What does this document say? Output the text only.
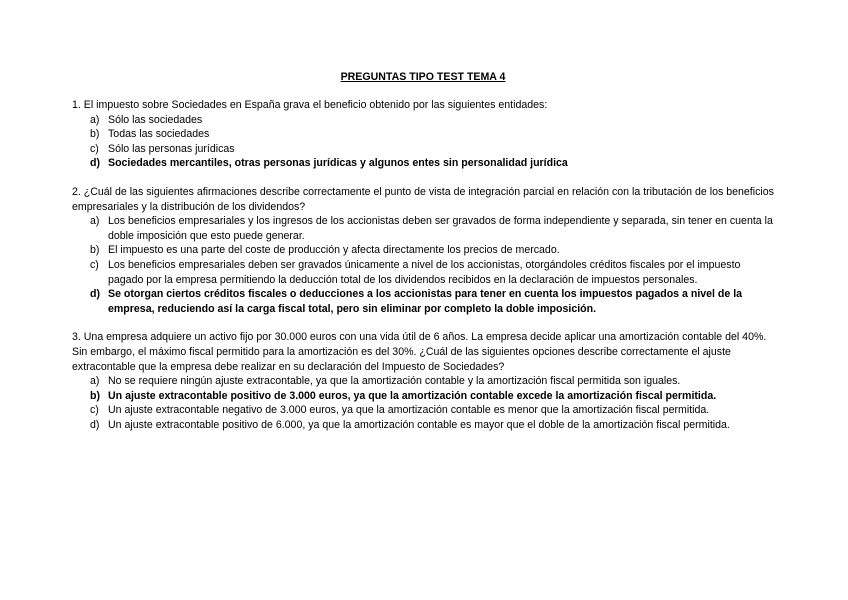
PREGUNTAS TIPO TEST TEMA 4

1. El impuesto sobre Sociedades en España grava el beneficio obtenido por las siguientes entidades:

a) Sólo las sociedades
b) Todas las sociedades
c) Sólo las personas jurídicas
d) Sociedades mercantiles, otras personas jurídicas y algunos entes sin personalidad jurídica

2. ¿Cuál de las siguientes afirmaciones describe correctamente el punto de vista de integración parcial en relación con la tributación de los beneficios empresariales y la distribución de los dividendos?

a) Los beneficios empresariales y los ingresos de los accionistas deben ser gravados de forma independiente y separada, sin tener en cuenta la doble imposición que esto puede generar.
b) El impuesto es una parte del coste de producción y afecta directamente los precios de mercado.
c) Los beneficios empresariales deben ser gravados únicamente a nivel de los accionistas, otorgándoles créditos fiscales por el impuesto pagado por la empresa permitiendo la deducción total de los dividendos recibidos en la declaración de impuestos personales.
d) Se otorgan ciertos créditos fiscales o deducciones a los accionistas para tener en cuenta los impuestos pagados a nivel de la empresa, reduciendo así la carga fiscal total, pero sin eliminar por completo la doble imposición.

3. Una empresa adquiere un activo fijo por 30.000 euros con una vida útil de 6 años. La empresa decide aplicar una amortización contable del 40%. Sin embargo, el máximo fiscal permitido para la amortización es del 30%. ¿Cuál de las siguientes opciones describe correctamente el ajuste extracontable que la empresa debe realizar en su declaración del Impuesto de Sociedades?

a) No se requiere ningún ajuste extracontable, ya que la amortización contable y la amortización fiscal permitida son iguales.
b) Un ajuste extracontable positivo de 3.000 euros, ya que la amortización contable excede la amortización fiscal permitida.
c) Un ajuste extracontable negativo de 3.000 euros, ya que la amortización contable es menor que la amortización fiscal permitida.
d) Un ajuste extracontable positivo de 6.000, ya que la amortización contable es mayor que el doble de la amortización fiscal permitida.
